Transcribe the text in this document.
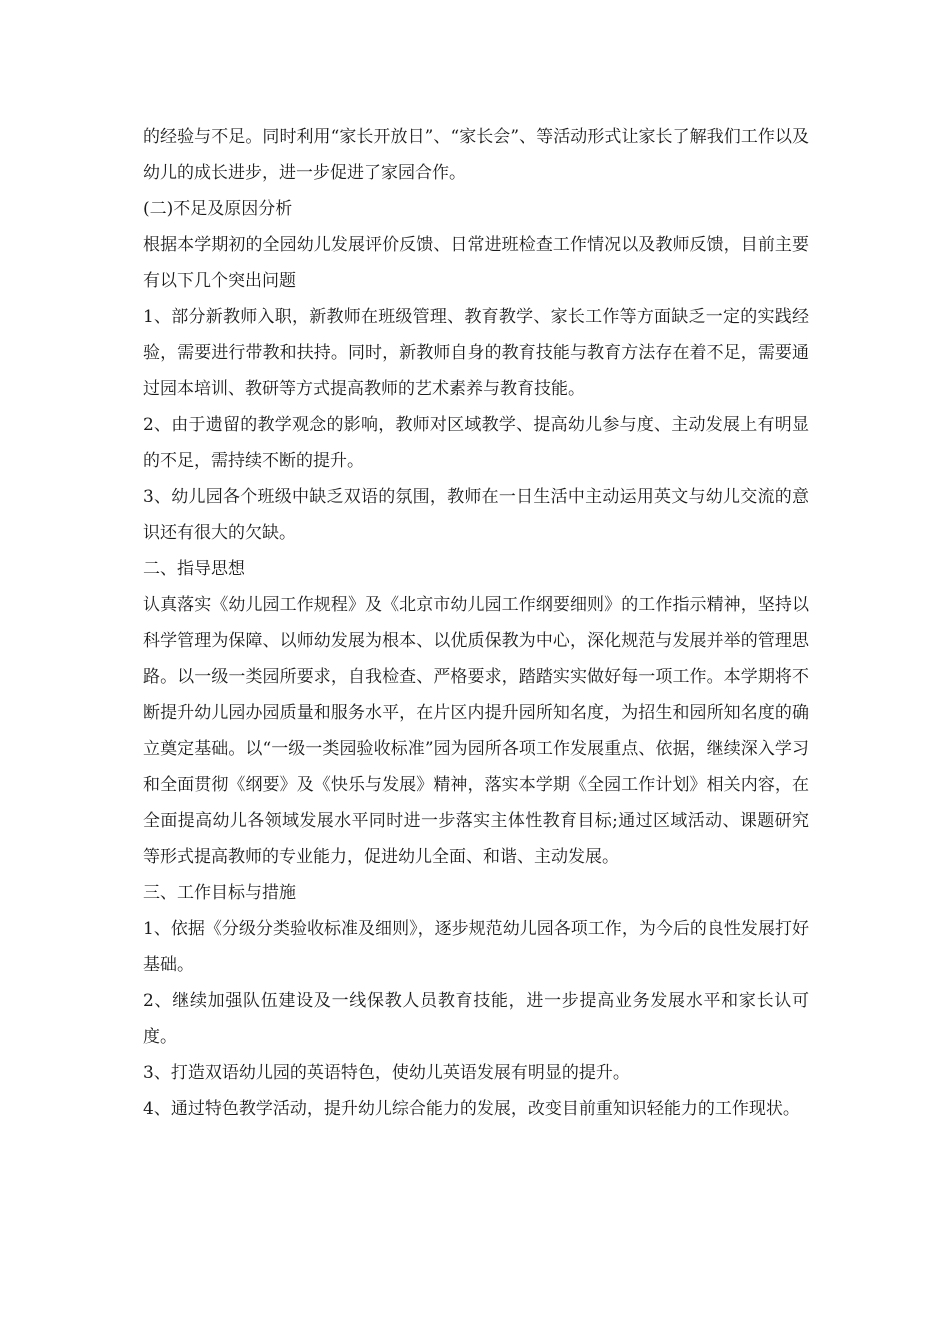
的经验与不足。同时利用“家长开放日”、“家长会”、等活动形式让家长了解我们工作以及幼儿的成长进步，进一步促进了家园合作。

(二)不足及原因分析

根据本学期初的全园幼儿发展评价反馈、日常进班检查工作情况以及教师反馈，目前主要有以下几个突出问题

1、部分新教师入职，新教师在班级管理、教育教学、家长工作等方面缺乏一定的实践经验，需要进行带教和扶持。同时，新教师自身的教育技能与教育方法存在着不足，需要通过园本培训、教研等方式提高教师的艺术素养与教育技能。

2、由于遗留的教学观念的影响，教师对区域教学、提高幼儿参与度、主动发展上有明显的不足，需持续不断的提升。

3、幼儿园各个班级中缺乏双语的氛围，教师在一日生活中主动运用英文与幼儿交流的意识还有很大的欠缺。

二、指导思想

认真落实《幼儿园工作规程》及《北京市幼儿园工作纲要细则》的工作指示精神，坚持以科学管理为保障、以师幼发展为根本、以优质保教为中心，深化规范与发展并举的管理思路。以一级一类园所要求，自我检查、严格要求，踏踏实实做好每一项工作。本学期将不断提升幼儿园办园质量和服务水平，在片区内提升园所知名度，为招生和园所知名度的确立奠定基础。以“一级一类园验收标准”园为园所各项工作发展重点、依据，继续深入学习和全面贯彻《纲要》及《快乐与发展》精神，落实本学期《全园工作计划》相关内容，在全面提高幼儿各领域发展水平同时进一步落实主体性教育目标;通过区域活动、课题研究等形式提高教师的专业能力，促进幼儿全面、和谐、主动发展。

三、工作目标与措施

1、依据《分级分类验收标准及细则》，逐步规范幼儿园各项工作，为今后的良性发展打好基础。

2、继续加强队伍建设及一线保教人员教育技能，进一步提高业务发展水平和家长认可度。

3、打造双语幼儿园的英语特色，使幼儿英语发展有明显的提升。

4、通过特色教学活动，提升幼儿综合能力的发展，改变目前重知识轻能力的工作现状。
